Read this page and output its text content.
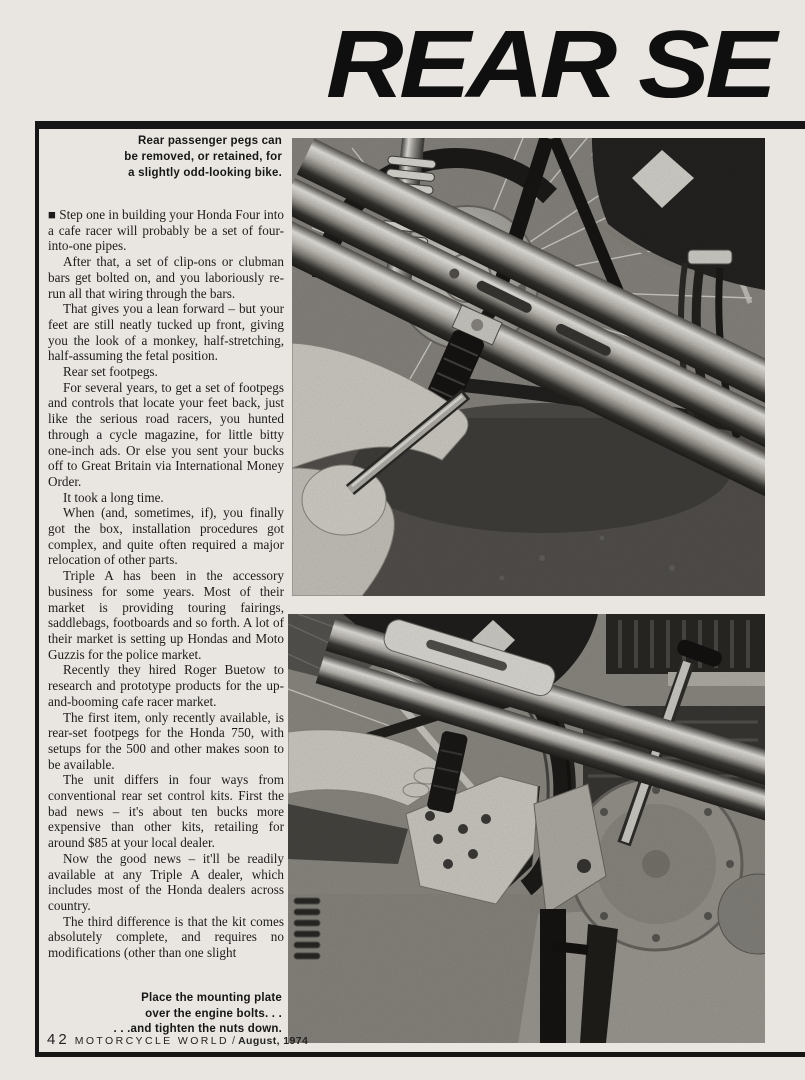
REAR SE
Rear passenger pegs can
be removed, or retained, for
a slightly odd-looking bike.

■ Step one in building your Honda Four into a cafe racer will probably be a set of four-into-one pipes.

After that, a set of clip-ons or clubman bars get bolted on, and you laboriously re-run all that wiring through the bars.

That gives you a lean forward – but your feet are still neatly tucked up front, giving you the look of a monkey, half-stretching, half-assuming the fetal position.

Rear set footpegs.

For several years, to get a set of footpegs and controls that locate your feet back, just like the serious road racers, you hunted through a cycle magazine, for little bitty one-inch ads. Or else you sent your bucks off to Great Britain via International Money Order.

It took a long time.

When (and, sometimes, if), you finally got the box, installation procedures got complex, and quite often required a major relocation of other parts.

Triple A has been in the accessory business for some years. Most of their market is providing touring fairings, saddlebags, footboards and so forth. A lot of their market is setting up Hondas and Moto Guzzis for the police market.

Recently they hired Roger Buetow to research and prototype products for the up-and-booming cafe racer market.

The first item, only recently available, is rear-set footpegs for the Honda 750, with setups for the 500 and other makes soon to be available.

The unit differs in four ways from conventional rear set control kits. First the bad news – it's about ten bucks more expensive than other kits, retailing for around $85 at your local dealer.

Now the good news – it'll be readily available at any Triple A dealer, which includes most of the Honda dealers across country.

The third difference is that the kit comes absolutely complete, and requires no modifications (other than one slight

Place the mounting plate
over the engine bolts. . .
. . .and tighten the nuts down.
42 MOTORCYCLE WORLD / August, 1974
